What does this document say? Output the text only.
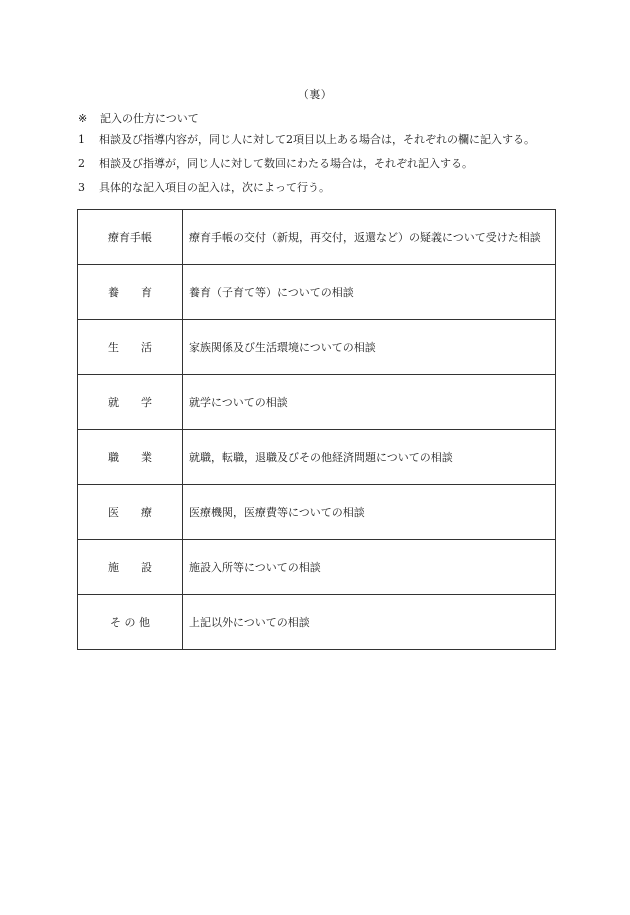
（裏）
※ 記入の仕方について
1 相談及び指導内容が，同じ人に対して2項目以上ある場合は，それぞれの欄に記入する。
2 相談及び指導が，同じ人に対して数回にわたる場合は，それぞれ記入する。
3 具体的な記入項目の記入は，次によって行う。
療育手帳	療育手帳の交付（新規，再交付，返還など）の疑義について受けた相談
養　　育	養育（子育て等）についての相談
生　　活	家族関係及び生活環境についての相談
就　　学	就学についての相談
職　　業	就職，転職，退職及びその他経済問題についての相談
医　　療	医療機関，医療費等についての相談
施　　設	施設入所等についての相談
そ の 他	上記以外についての相談
